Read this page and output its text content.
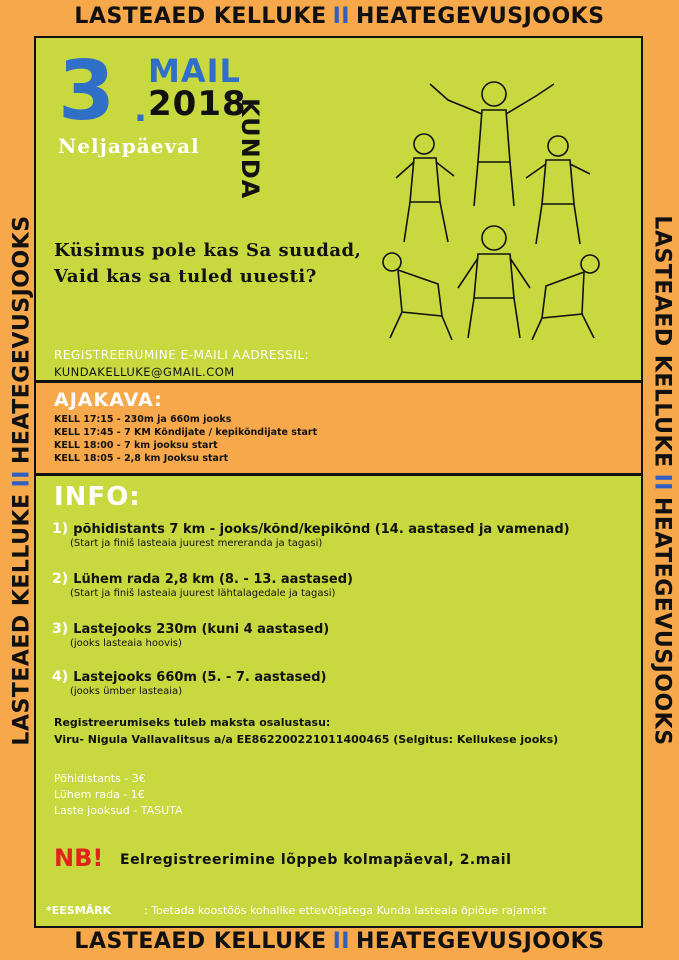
LASTEAED KELLUKE II HEATEGEVUSJOOKS
LASTEAED KELLUKE II HEATEGEVUSJOOKS
LASTEAED KELLUKEIIHEATEGEVUSJOOKS	LASTEAED KELLUKEIIHEATEGEVUSJOOKS
3 .
MAIL
2018
Neljapäeval KUNDA
Küsimus pole kas Sa suudad,
Vaid kas sa tuled uuesti?
REGISTREERUMINE E-MAILI AADRESSIL:
KUNDAKELLUKE@GMAIL.COM
AJAKAVA:
KELL 17:15 - 230m ja 660m jooks
KELL 17:45 - 7 KM Kõndijate / kepikõndijate start
KELL 18:00 - 7 km jooksu start
KELL 18:05 - 2,8 km Jooksu start
INFO:
1) põhidistants 7 km - jooks/kõnd/kepikõnd (14. aastased ja vamenad)
(Start ja finiš lasteaia juurest mereranda ja tagasi)
2) Lühem rada 2,8 km (8. - 13. aastased)
(Start ja finiš lasteaia juurest lähtalagedale ja tagasi)
3) Lastejooks 230m (kuni 4 aastased)
(jooks lasteaia hoovis)
4) Lastejooks 660m (5. - 7. aastased)
(jooks ümber lasteaia)
Registreerumiseks tuleb maksta osalustasu:
Viru- Nigula Vallavalitsus a/a EE862200221011400465 (Selgitus: Kellukese jooks)
Põhidistants - 3€
Lühem rada - 1€
Laste jooksud - TASUTA
NB! Eelregistreerimine lõppeb kolmapäeval, 2.mail
*EESMÄRK	: Toetada koostöös kohalike ettevõtjatega Kunda lasteaia õpiõue rajamist
